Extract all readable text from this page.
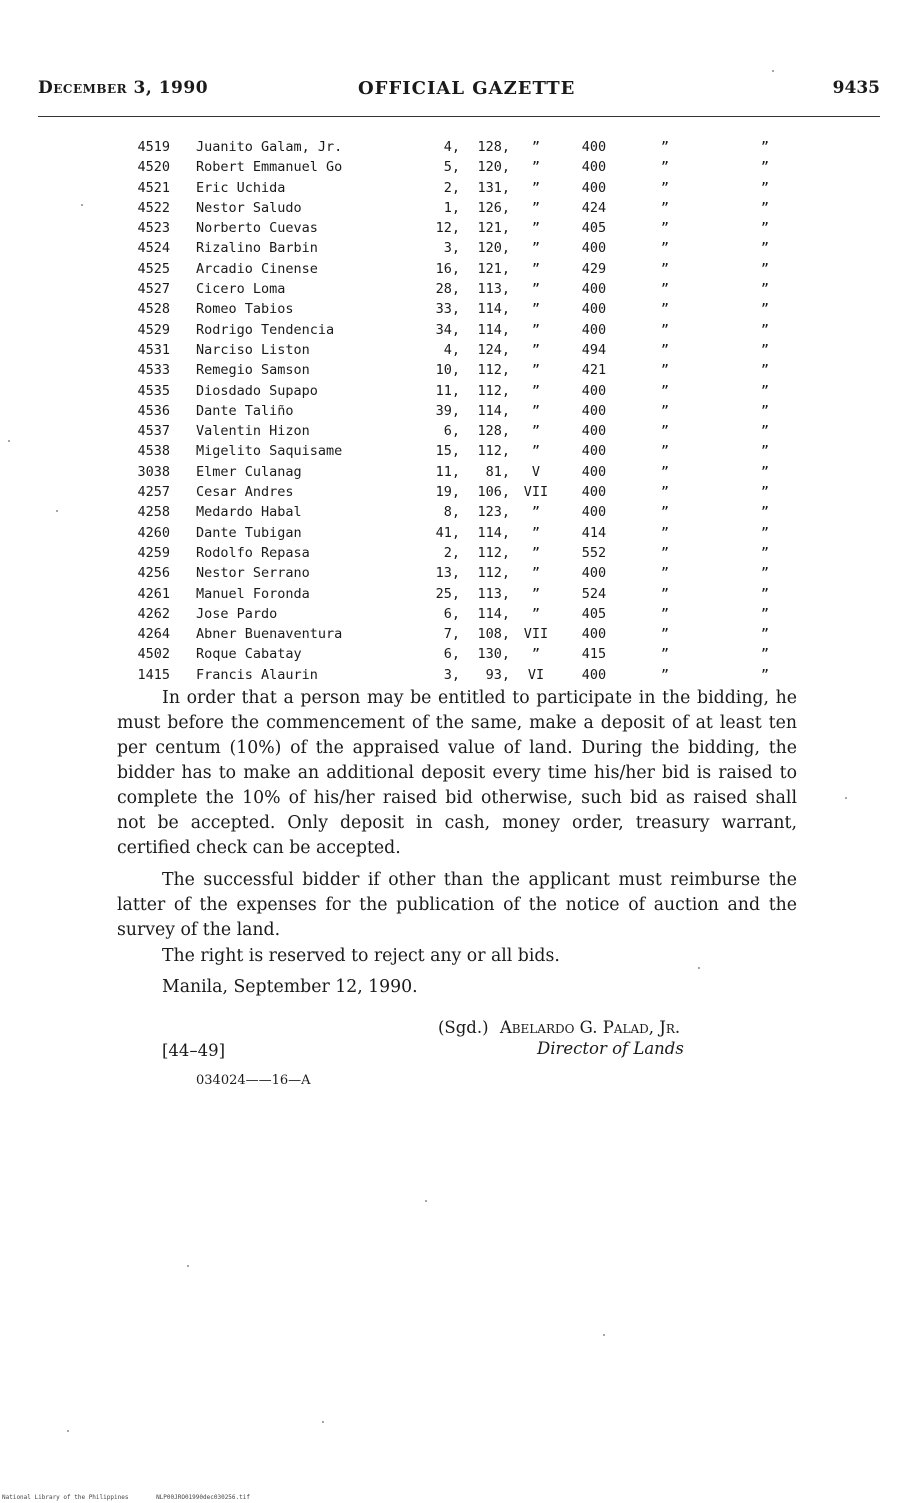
December 3, 1990	OFFICIAL GAZETTE	9435
4519 Juanito Galam, Jr.	4,	128,	”	400	”	”
4520 Robert Emmanuel Go	5,	120,	”	400	”	”
4521 Eric Uchida	2,	131,	”	400	”	”
4522 Nestor Saludo	1,	126,	”	424	”	”
4523 Norberto Cuevas	12,	121,	”	405	”	”
4524 Rizalino Barbin	3,	120,	”	400	”	”
4525 Arcadio Cinense	16,	121,	”	429	”	”
4527 Cicero Loma	28,	113,	”	400	”	”
4528 Romeo Tabios	33,	114,	”	400	”	”
4529 Rodrigo Tendencia	34,	114,	”	400	”	”
4531 Narciso Liston	4,	124,	”	494	”	”
4533 Remegio Samson	10,	112,	”	421	”	”
4535 Diosdado Supapo	11,	112,	”	400	”	”
4536 Dante Taliño	39,	114,	”	400	”	”
4537 Valentin Hizon	6,	128,	”	400	”	”
4538 Migelito Saquisame	15,	112,	”	400	”	”
3038 Elmer Culanag	11,	81,	V	400	”	”
4257 Cesar Andres	19,	106,	VII	400	”	”
4258 Medardo Habal	8,	123,	”	400	”	”
4260 Dante Tubigan	41,	114,	”	414	”	”
4259 Rodolfo Repasa	2,	112,	”	552	”	”
4256 Nestor Serrano	13,	112,	”	400	”	”
4261 Manuel Foronda	25,	113,	”	524	”	”
4262 Jose Pardo	6,	114,	”	405	”	”
4264 Abner Buenaventura	7,	108,	VII	400	”	”
4502 Roque Cabatay	6,	130,	”	415	”	”
1415 Francis Alaurin	3,	93,	VI	400	”	”

In order that a person may be entitled to participate in the bidding, he must before the commencement of the same, make a deposit of at least ten per centum (10%) of the appraised value of land. During the bidding, the bidder has to make an additional deposit every time his/her bid is raised to complete the 10% of his/her raised bid otherwise, such bid as raised shall not be accepted. Only deposit in cash, money order, treasury warrant, certified check can be accepted.

The successful bidder if other than the applicant must reimburse the latter of the expenses for the publication of the notice of auction and the survey of the land.

The right is reserved to reject any or all bids.
Manila, September 12, 1990.
(Sgd.) Abelardo G. Palad, Jr.
Director of Lands
[44–49]
034024——16—A
National Library of the Philippines	NLP00JRO01990dec030256.tif
